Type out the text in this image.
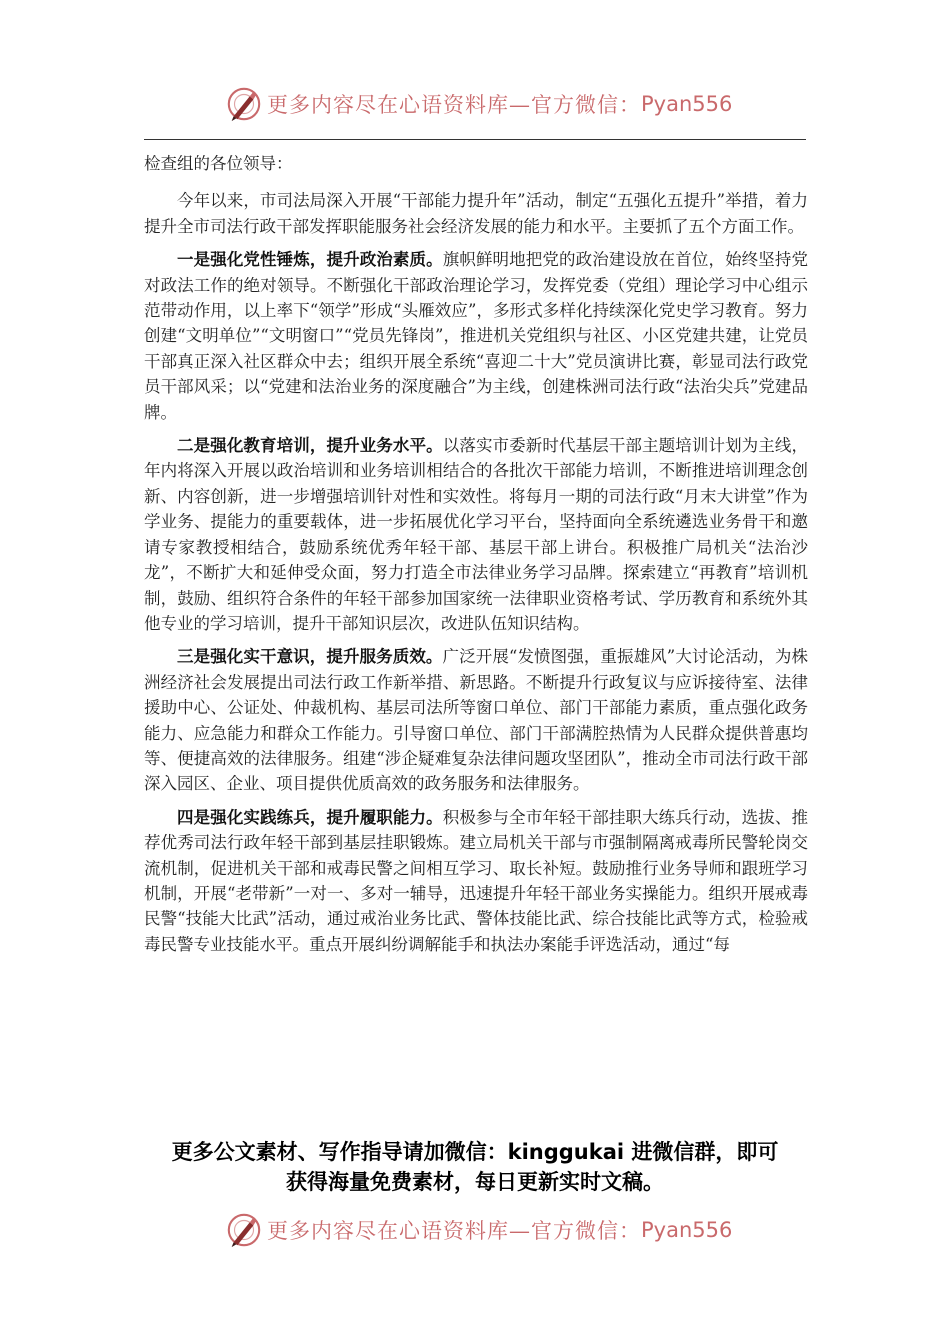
更多内容尽在心语资料库—官方微信： Pyan556

检查组的各位领导：

今年以来，市司法局深入开展“干部能力提升年”活动，制定“五强化五提升”举措，着力提升全市司法行政干部发挥职能服务社会经济发展的能力和水平。主要抓了五个方面工作。

一是强化党性锤炼，提升政治素质。旗帜鲜明地把党的政治建设放在首位，始终坚持党对政法工作的绝对领导。不断强化干部政治理论学习，发挥党委（党组）理论学习中心组示范带动作用，以上率下“领学”形成“头雁效应”，多形式多样化持续深化党史学习教育。努力创建“文明单位”“文明窗口”“党员先锋岗”，推进机关党组织与社区、小区党建共建，让党员干部真正深入社区群众中去；组织开展全系统“喜迎二十大”党员演讲比赛，彰显司法行政党员干部风采；以“党建和法治业务的深度融合”为主线，创建株洲司法行政“法治尖兵”党建品牌。

二是强化教育培训，提升业务水平。以落实市委新时代基层干部主题培训计划为主线，年内将深入开展以政治培训和业务培训相结合的各批次干部能力培训，不断推进培训理念创新、内容创新，进一步增强培训针对性和实效性。将每月一期的司法行政“月末大讲堂”作为学业务、提能力的重要载体，进一步拓展优化学习平台，坚持面向全系统遴选业务骨干和邀请专家教授相结合，鼓励系统优秀年轻干部、基层干部上讲台。积极推广局机关“法治沙龙”，不断扩大和延伸受众面，努力打造全市法律业务学习品牌。探索建立“再教育”培训机制，鼓励、组织符合条件的年轻干部参加国家统一法律职业资格考试、学历教育和系统外其他专业的学习培训，提升干部知识层次，改进队伍知识结构。

三是强化实干意识，提升服务质效。广泛开展“发愤图强，重振雄风”大讨论活动，为株洲经济社会发展提出司法行政工作新举措、新思路。不断提升行政复议与应诉接待室、法律援助中心、公证处、仲裁机构、基层司法所等窗口单位、部门干部能力素质，重点强化政务能力、应急能力和群众工作能力。引导窗口单位、部门干部满腔热情为人民群众提供普惠均等、便捷高效的法律服务。组建“涉企疑难复杂法律问题攻坚团队”，推动全市司法行政干部深入园区、企业、项目提供优质高效的政务服务和法律服务。

四是强化实践练兵，提升履职能力。积极参与全市年轻干部挂职大练兵行动，选拔、推荐优秀司法行政年轻干部到基层挂职锻炼。建立局机关干部与市强制隔离戒毒所民警轮岗交流机制，促进机关干部和戒毒民警之间相互学习、取长补短。鼓励推行业务导师和跟班学习机制，开展“老带新”一对一、多对一辅导，迅速提升年轻干部业务实操能力。组织开展戒毒民警“技能大比武”活动，通过戒治业务比武、警体技能比武、综合技能比武等方式，检验戒毒民警专业技能水平。重点开展纠纷调解能手和执法办案能手评选活动，通过“每

更多公文素材、写作指导请加微信：kinggukai 进微信群，即可
获得海量免费素材，每日更新实时文稿。
更多内容尽在心语资料库—官方微信： Pyan556
